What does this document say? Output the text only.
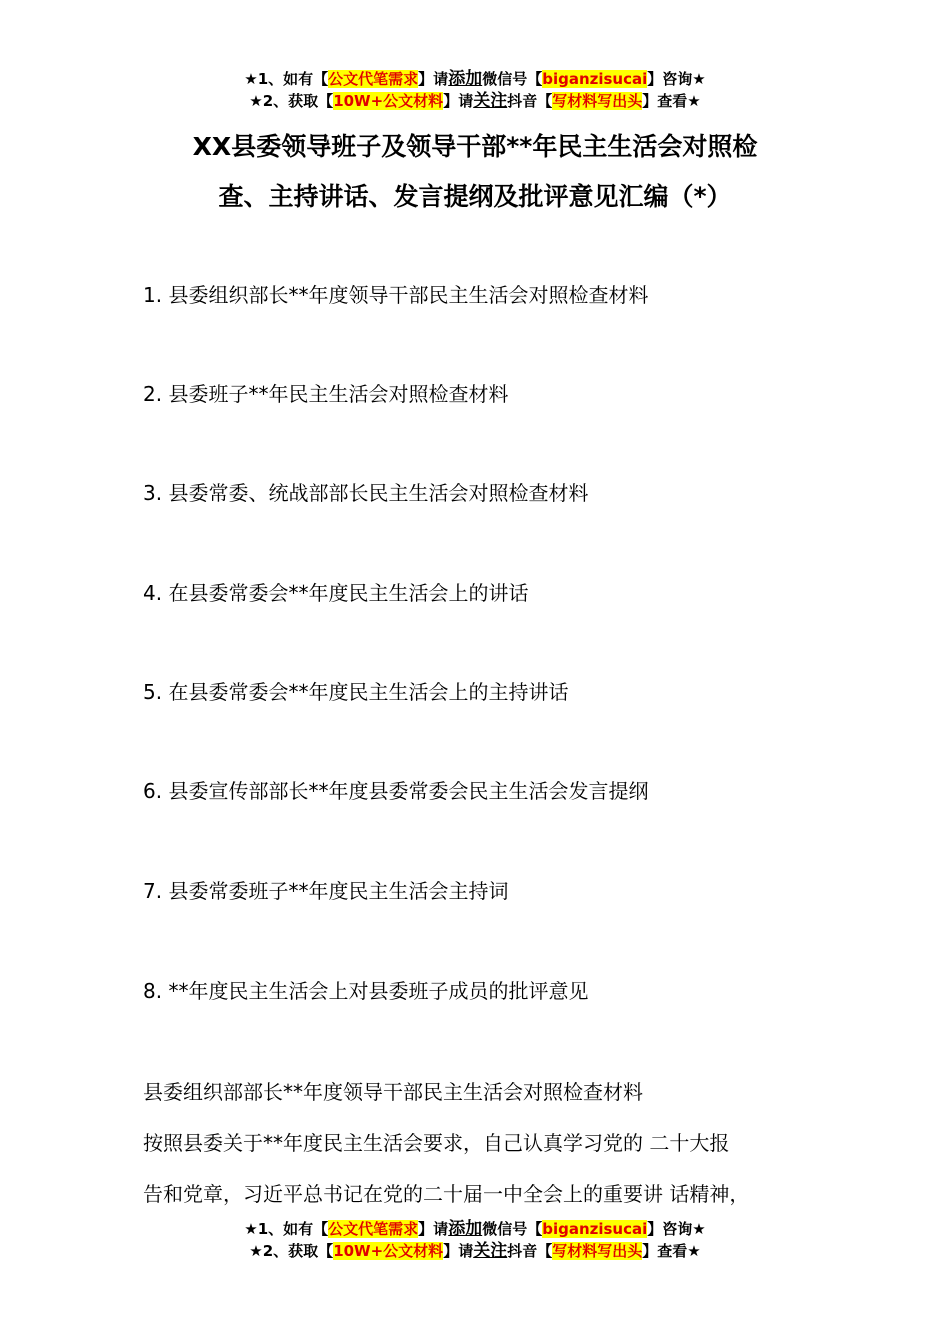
★1、如有【公文代笔需求】请添加微信号【biganzisucai】咨询★
★2、获取【10W+公文材料】请关注抖音【写材料写出头】查看★
XX县委领导班子及领导干部**年民主生活会对照检
查、主持讲话、发言提纲及批评意见汇编（*）
1. 县委组织部长**年度领导干部民主生活会对照检查材料
2. 县委班子**年民主生活会对照检查材料
3. 县委常委、统战部部长民主生活会对照检查材料
4. 在县委常委会**年度民主生活会上的讲话
5. 在县委常委会**年度民主生活会上的主持讲话
6. 县委宣传部部长**年度县委常委会民主生活会发言提纲
7. 县委常委班子**年度民主生活会主持词
8. **年度民主生活会上对县委班子成员的批评意见
县委组织部部长**年度领导干部民主生活会对照检查材料
按照县委关于**年度民主生活会要求，自己认真学习党的 二十大报
告和党章，习近平总书记在党的二十届一中全会上的重要讲 话精神，
★1、如有【公文代笔需求】请添加微信号【biganzisucai】咨询★
★2、获取【10W+公文材料】请关注抖音【写材料写出头】查看★
